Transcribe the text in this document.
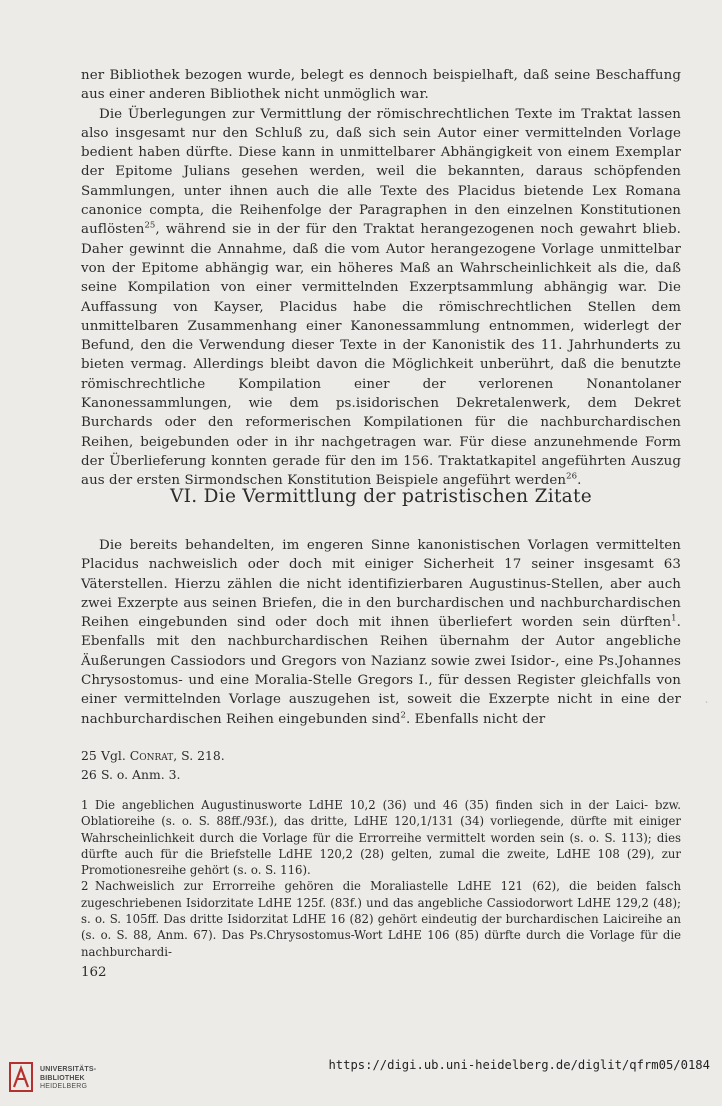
ner Bibliothek bezogen wurde, belegt es dennoch beispielhaft, daß seine Beschaffung aus einer anderen Bibliothek nicht unmöglich war.

Die Überlegungen zur Vermittlung der römischrechtlichen Texte im Traktat lassen also insgesamt nur den Schluß zu, daß sich sein Autor einer vermittelnden Vorlage bedient haben dürfte. Diese kann in unmittelbarer Abhängigkeit von einem Exemplar der Epitome Julians gesehen werden, weil die bekannten, daraus schöpfenden Sammlungen, unter ihnen auch die alle Texte des Placidus bietende Lex Romana canonice compta, die Reihenfolge der Paragraphen in den einzelnen Konstitutionen auflösten$^{25}$, während sie in der für den Traktat herangezogenen noch gewahrt blieb. Daher gewinnt die Annahme, daß die vom Autor herangezogene Vorlage unmittelbar von der Epitome abhängig war, ein höheres Maß an Wahrscheinlichkeit als die, daß seine Kompilation von einer vermittelnden Exzerptsammlung abhängig war. Die Auffassung von Kayser, Placidus habe die römischrechtlichen Stellen dem unmittelbaren Zusammenhang einer Kanonessammlung entnommen, widerlegt der Befund, den die Verwendung dieser Texte in der Kanonistik des 11. Jahrhunderts zu bieten vermag. Allerdings bleibt davon die Möglichkeit unberührt, daß die benutzte römischrechtliche Kompilation einer der verlorenen Nonantolaner Kanonessammlungen, wie dem ps.isidorischen Dekretalenwerk, dem Dekret Burchards oder den reformerischen Kompilationen für die nachburchardischen Reihen, beigebunden oder in ihr nachgetragen war. Für diese anzunehmende Form der Überlieferung konnten gerade für den im 156. Traktatkapitel angeführten Auszug aus der ersten Sirmondschen Konstitution Beispiele angeführt werden$^{26}$.

VI. Die Vermittlung der patristischen Zitate

Die bereits behandelten, im engeren Sinne kanonistischen Vorlagen vermittelten Placidus nachweislich oder doch mit einiger Sicherheit 17 seiner insgesamt 63 Väterstellen. Hierzu zählen die nicht identifizierbaren Augustinus-Stellen, aber auch zwei Exzerpte aus seinen Briefen, die in den burchardischen und nachburchardischen Reihen eingebunden sind oder doch mit ihnen überliefert worden sein dürften$^1$. Ebenfalls mit den nachburchardischen Reihen übernahm der Autor angebliche Äußerungen Cassiodors und Gregors von Nazianz sowie zwei Isidor-, eine Ps.Johannes Chrysostomus- und eine Moralia-Stelle Gregors I., für dessen Register gleichfalls von einer vermittelnden Vorlage auszugehen ist, soweit die Exzerpte nicht in eine der nachburchardischen Reihen eingebunden sind$^2$. Ebenfalls nicht der

ˎ
25 Vgl. Conrat, S. 218.
26 S. o. Anm. 3.

1 Die angeblichen Augustinusworte LdHE 10,2 (36) und 46 (35) finden sich in der Laici- bzw. Oblatioreihe (s. o. S. 88ff./93f.), das dritte, LdHE 120,1/131 (34) vorliegende, dürfte mit einiger Wahrscheinlichkeit durch die Vorlage für die Errorreihe vermittelt worden sein (s. o. S. 113); dies dürfte auch für die Briefstelle LdHE 120,2 (28) gelten, zumal die zweite, LdHE 108 (29), zur Promotionesreihe gehört (s. o. S. 116).

2 Nachweislich zur Errorreihe gehören die Moraliastelle LdHE 121 (62), die beiden falsch zugeschriebenen Isidorzitate LdHE 125f. (83f.) und das angebliche Cassiodorwort LdHE 129,2 (48); s. o. S. 105ff. Das dritte Isidorzitat LdHE 16 (82) gehört eindeutig der burchardischen Laicireihe an (s. o. S. 88, Anm. 67). Das Ps.Chrysostomus-Wort LdHE 106 (85) dürfte durch die Vorlage für die nachburchardi-

162

UNIVERSITÄTS-
BIBLIOTHEK
HEIDELBERG
https://digi.ub.uni-heidelberg.de/diglit/qfrm05/0184
